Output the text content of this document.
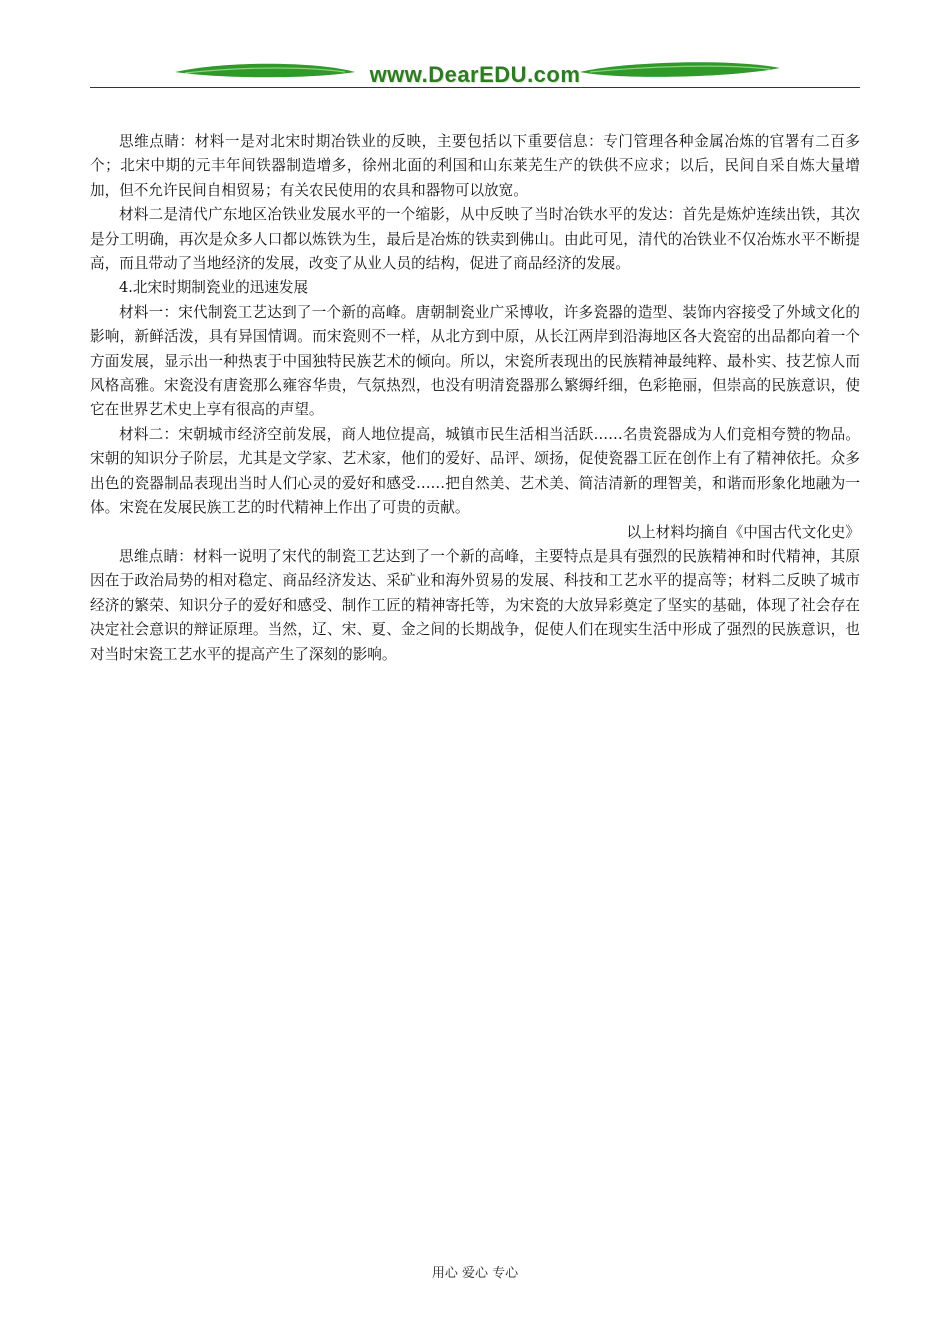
www.DearEDU.com

思维点睛：材料一是对北宋时期冶铁业的反映，主要包括以下重要信息：专门管理各种金属冶炼的官署有二百多个；北宋中期的元丰年间铁器制造增多，徐州北面的利国和山东莱芜生产的铁供不应求；以后，民间自采自炼大量增加，但不允许民间自相贸易；有关农民使用的农具和器物可以放宽。

材料二是清代广东地区冶铁业发展水平的一个缩影，从中反映了当时冶铁水平的发达：首先是炼炉连续出铁，其次是分工明确，再次是众多人口都以炼铁为生，最后是冶炼的铁卖到佛山。由此可见，清代的冶铁业不仅冶炼水平不断提高，而且带动了当地经济的发展，改变了从业人员的结构，促进了商品经济的发展。

4.北宋时期制瓷业的迅速发展

材料一：宋代制瓷工艺达到了一个新的高峰。唐朝制瓷业广采博收，许多瓷器的造型、装饰内容接受了外域文化的影响，新鲜活泼，具有异国情调。而宋瓷则不一样，从北方到中原，从长江两岸到沿海地区各大瓷窑的出品都向着一个方面发展，显示出一种热衷于中国独特民族艺术的倾向。所以，宋瓷所表现出的民族精神最纯粹、最朴实、技艺惊人而风格高雅。宋瓷没有唐瓷那么雍容华贵，气氛热烈，也没有明清瓷器那么繁缛纤细，色彩艳丽，但崇高的民族意识，使它在世界艺术史上享有很高的声望。

材料二：宋朝城市经济空前发展，商人地位提高，城镇市民生活相当活跃……名贵瓷器成为人们竞相夸赞的物品。宋朝的知识分子阶层，尤其是文学家、艺术家，他们的爱好、品评、颂扬，促使瓷器工匠在创作上有了精神依托。众多出色的瓷器制品表现出当时人们心灵的爱好和感受……把自然美、艺术美、简洁清新的理智美，和谐而形象化地融为一体。宋瓷在发展民族工艺的时代精神上作出了可贵的贡献。

以上材料均摘自《中国古代文化史》

思维点睛：材料一说明了宋代的制瓷工艺达到了一个新的高峰，主要特点是具有强烈的民族精神和时代精神，其原因在于政治局势的相对稳定、商品经济发达、采矿业和海外贸易的发展、科技和工艺水平的提高等；材料二反映了城市经济的繁荣、知识分子的爱好和感受、制作工匠的精神寄托等，为宋瓷的大放异彩奠定了坚实的基础，体现了社会存在决定社会意识的辩证原理。当然，辽、宋、夏、金之间的长期战争，促使人们在现实生活中形成了强烈的民族意识，也对当时宋瓷工艺水平的提高产生了深刻的影响。

用心 爱心 专心
